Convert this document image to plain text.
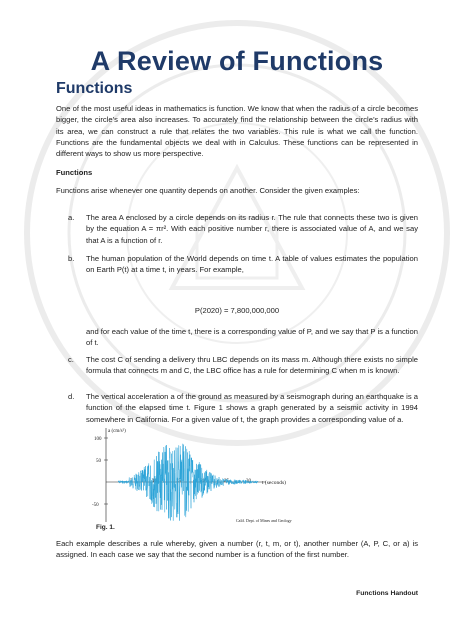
A Review of Functions
Functions

One of the most useful ideas in mathematics is function. We know that when the radius of a circle becomes bigger, the circle’s area also increases. To accurately find the relationship between the circle’s radius with its area, we can construct a rule that relates the two variables. This rule is what we call the function. Functions are the fundamental objects we deal with in Calculus. These functions can be represented in different ways to show us more perspective.

Functions

Functions arise whenever one quantity depends on another. Consider the given examples:

a. The area A enclosed by a circle depends on its radius r. The rule that connects these two is given by the equation A = πr². With each positive number r, there is associated value of A, and we say that A is a function of r.

b. The human population of the World depends on time t. A table of values estimates the population on Earth P(t) at a time t, in years. For example,

P(2020) = 7,800,000,000

and for each value of the time t, there is a corresponding value of P, and we say that P is a function of t.

c. The cost C of sending a delivery thru LBC depends on its mass m. Although there exists no simple formula that connects m and C, the LBC office has a rule for determining C when m is known.

d. The vertical acceleration a of the ground as measured by a seismograph during an earthquake is a function of the elapsed time t. Figure 1 shows a graph generated by a seismic activity in 1994 somewhere in California. For a given value of t, the graph provides a corresponding value of a.

a (cm/s²)
t (seconds)
100
50
-50
5	10	15	20	25	30
Calif. Dept. of Mines and Geology
Fig. 1.

Each example describes a rule whereby, given a number (r, t, m, or t), another number (A, P, C, or a) is assigned. In each case we say that the second number is a function of the first number.

Functions Handout
